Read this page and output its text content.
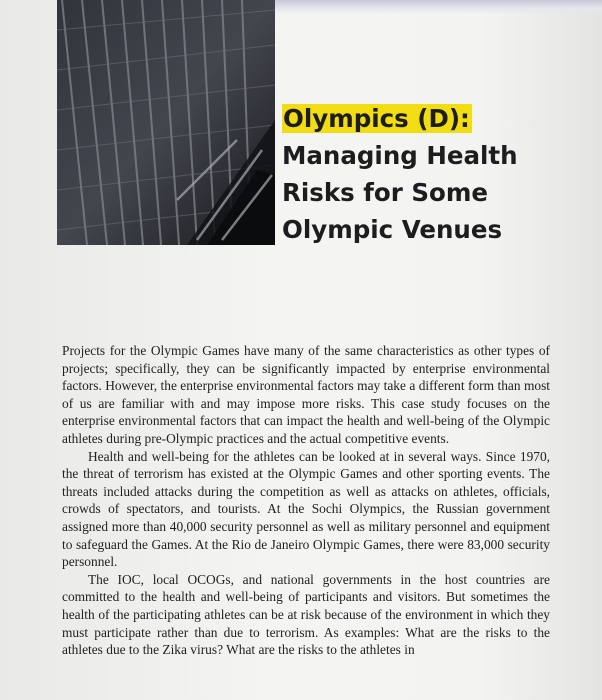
Olympics (D):
Managing Health
Risks for Some
Olympic Venues

Projects for the Olympic Games have many of the same characteristics as other types of projects; specifically, they can be significantly impacted by enterprise environmental factors. However, the enterprise environmental factors may take a different form than most of us are familiar with and may impose more risks. This case study focuses on the enterprise environmental factors that can impact the health and well-being of the Olympic athletes during pre-Olympic practices and the actual competitive events.

Health and well-being for the athletes can be looked at in several ways. Since 1970, the threat of terrorism has existed at the Olympic Games and other sporting events. The threats included attacks during the competition as well as attacks on athletes, officials, crowds of spectators, and tourists. At the Sochi Olympics, the Russian government assigned more than 40,000 security personnel as well as military personnel and equipment to safeguard the Games. At the Rio de Janeiro Olympic Games, there were 83,000 security personnel.

The IOC, local OCOGs, and national governments in the host countries are committed to the health and well-being of participants and visitors. But sometimes the health of the participating athletes can be at risk because of the environment in which they must participate rather than due to terrorism. As examples: What are the risks to the athletes due to the Zika virus? What are the risks to the athletes in
